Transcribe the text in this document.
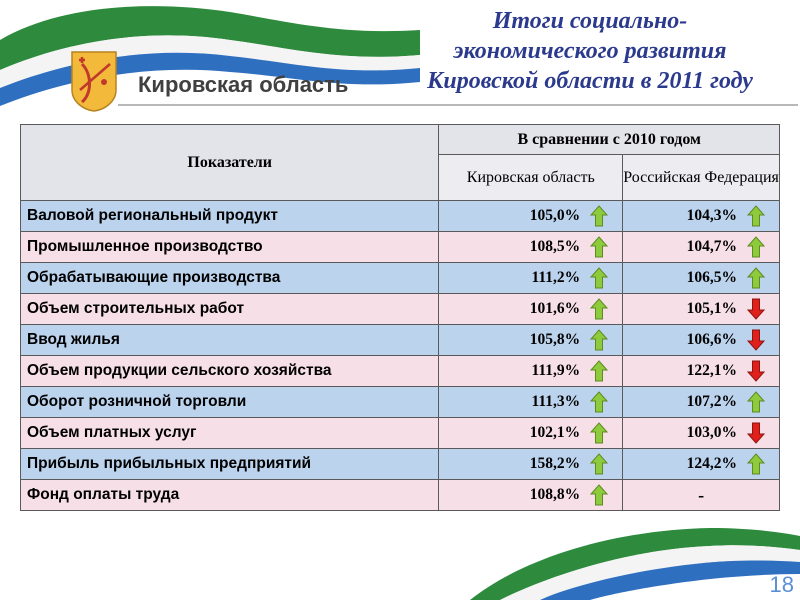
Кировская область
Итоги социально-
экономического развития
Кировской области в 2011 году
Показатели	В сравнении с 2010 годом	
	Кировская область	Российская Федерация
Валовой региональный продукт	105,0%	104,3%
Промышленное производство	108,5%	104,7%
Обрабатывающие производства	111,2%	106,5%
Объем строительных работ	101,6%	105,1%
Ввод жилья	105,8%	106,6%
Объем продукции сельского хозяйства	111,9%	122,1%
Оборот розничной торговли	111,3%	107,2%
Объем платных услуг	102,1%	103,0%
Прибыль прибыльных предприятий	158,2%	124,2%
Фонд оплаты труда	108,8%	-
18
